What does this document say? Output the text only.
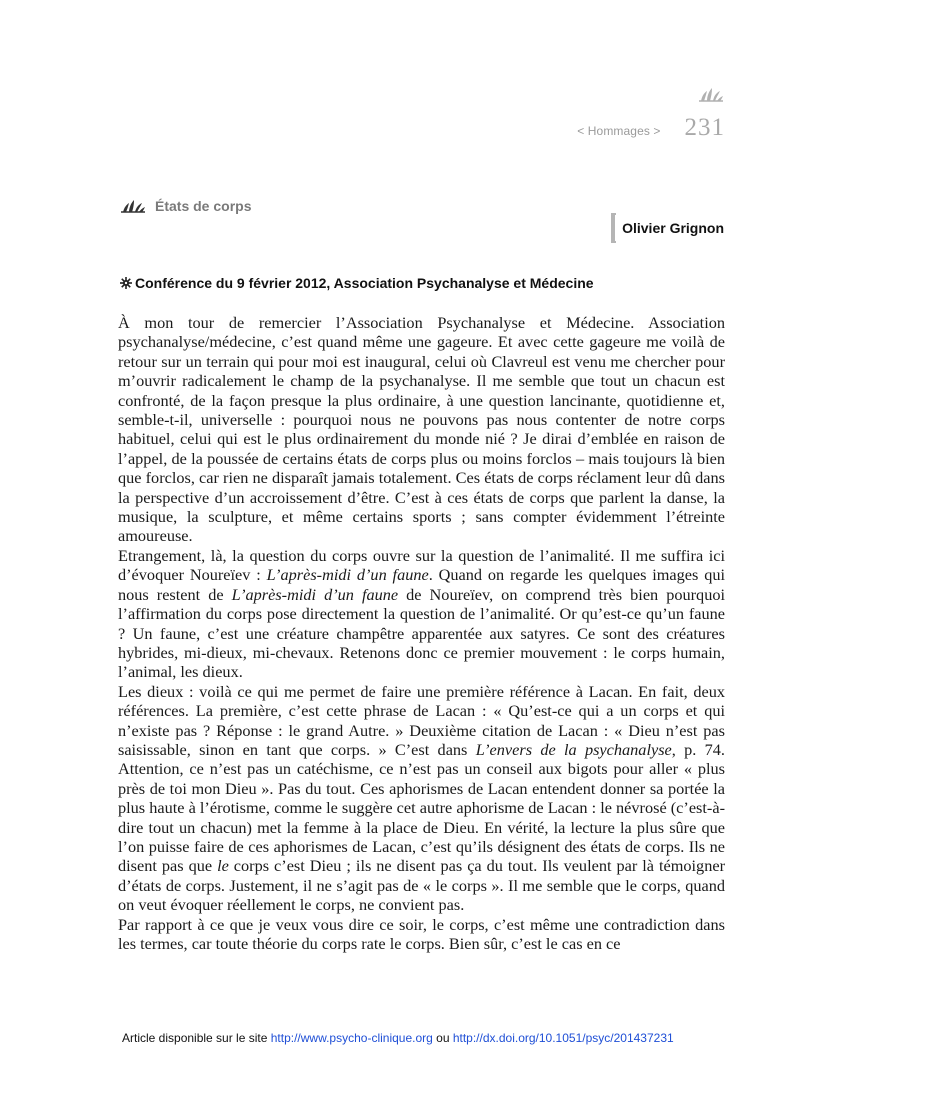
< Hommages > 231
États de corps
Olivier Grignon
Conférence du 9 février 2012, Association Psychanalyse et Médecine

À mon tour de remercier l’Association Psychanalyse et Médecine. Association psychanalyse/médecine, c’est quand même une gageure. Et avec cette gageure me voilà de retour sur un terrain qui pour moi est inaugural, celui où Clavreul est venu me chercher pour m’ouvrir radicalement le champ de la psychanalyse. Il me semble que tout un chacun est confronté, de la façon presque la plus ordinaire, à une question lancinante, quotidienne et, semble-t-il, universelle : pourquoi nous ne pouvons pas nous contenter de notre corps habituel, celui qui est le plus ordinairement du monde nié ? Je dirai d’emblée en raison de l’appel, de la poussée de certains états de corps plus ou moins forclos – mais toujours là bien que forclos, car rien ne disparaît jamais totalement. Ces états de corps réclament leur dû dans la perspective d’un accroissement d’être. C’est à ces états de corps que parlent la danse, la musique, la sculpture, et même certains sports ; sans compter évidemment l’étreinte amoureuse.

Etrangement, là, la question du corps ouvre sur la question de l’animalité. Il me suffira ici d’évoquer Noureïev : L’après-midi d’un faune. Quand on regarde les quelques images qui nous restent de L’après-midi d’un faune de Noureïev, on comprend très bien pourquoi l’affirmation du corps pose directement la question de l’animalité. Or qu’est-ce qu’un faune ? Un faune, c’est une créature champêtre apparentée aux satyres. Ce sont des créatures hybrides, mi-dieux, mi-chevaux. Retenons donc ce premier mouvement : le corps humain, l’animal, les dieux.

Les dieux : voilà ce qui me permet de faire une première référence à Lacan. En fait, deux références. La première, c’est cette phrase de Lacan : « Qu’est-ce qui a un corps et qui n’existe pas ? Réponse : le grand Autre. » Deuxième citation de Lacan : « Dieu n’est pas saisissable, sinon en tant que corps. » C’est dans L’envers de la psychanalyse, p. 74. Attention, ce n’est pas un catéchisme, ce n’est pas un conseil aux bigots pour aller « plus près de toi mon Dieu ». Pas du tout. Ces aphorismes de Lacan entendent donner sa portée la plus haute à l’érotisme, comme le suggère cet autre aphorisme de Lacan : le névrosé (c’est-à-dire tout un chacun) met la femme à la place de Dieu. En vérité, la lecture la plus sûre que l’on puisse faire de ces aphorismes de Lacan, c’est qu’ils désignent des états de corps. Ils ne disent pas que le corps c’est Dieu ; ils ne disent pas ça du tout. Ils veulent par là témoigner d’états de corps. Justement, il ne s’agit pas de « le corps ». Il me semble que le corps, quand on veut évoquer réellement le corps, ne convient pas.

Par rapport à ce que je veux vous dire ce soir, le corps, c’est même une contradiction dans les termes, car toute théorie du corps rate le corps. Bien sûr, c’est le cas en ce

Article disponible sur le site http://www.psycho-clinique.org ou http://dx.doi.org/10.1051/psyc/201437231
